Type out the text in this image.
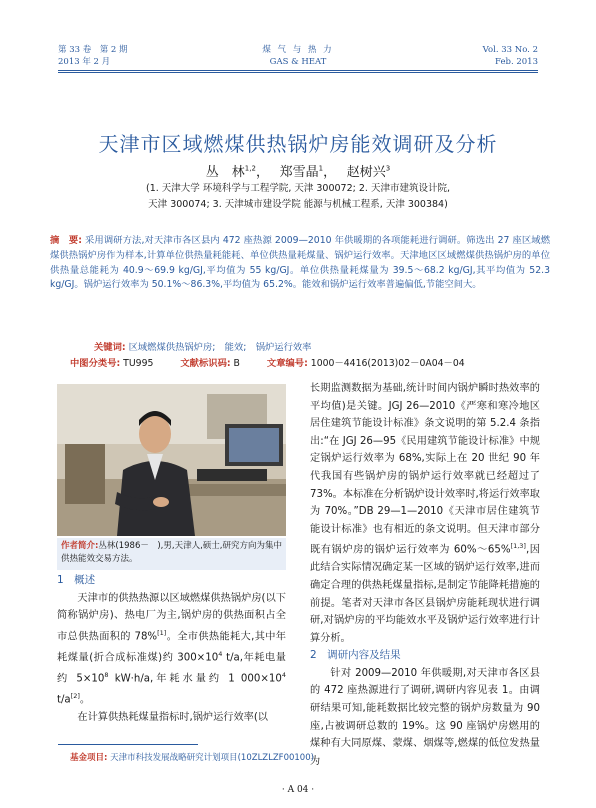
第 33 卷　第 2 期
2013 年 2 月
煤 气 与 热 力
GAS & HEAT
Vol. 33 No. 2
Feb. 2013
天津市区域燃煤供热锅炉房能效调研及分析
丛　林$^{1,2}$，　 郑雪晶$^1$，　 赵树兴$^3$
(1. 天津大学 环境科学与工程学院, 天津 300072; 2. 天津市建筑设计院,
天津 300074; 3. 天津城市建设学院 能源与机械工程系, 天津 300384)
摘　要: 采用调研方法,对天津市各区县内 472 座热源 2009—2010 年供暖期的各项能耗进行调研。筛选出 27 座区域燃煤供热锅炉房作为样本,计算单位供热量耗能耗、单位供热量耗煤量、锅炉运行效率。天津地区区域燃煤供热锅炉房的单位供热量总能耗为 40.9～69.9 kg/GJ,平均值为 55 kg/GJ。单位供热量耗煤量为 39.5～68.2 kg/GJ,其平均值为 52.3 kg/GJ。锅炉运行效率为 50.1%～86.3%,平均值为 65.2%。能效和锅炉运行效率普遍偏低,节能空间大。
关键词: 区域燃煤供热锅炉房;　能效;　锅炉运行效率
中图分类号: TU995	文献标识码: B	文章编号: 1000－4416(2013)02－0A04－04
作者简介:丛林(1986－　),男,天津人,硕士,研究方向为集中供热能效交易方法。

1　概述

天津市的供热热源以区域燃煤供热锅炉房(以下简称锅炉房)、热电厂为主,锅炉房的供热面积占全市总供热面积的 78%[1]。全市供热能耗大,其中年耗煤量(折合成标准煤)约 $300\times 10^4$ t/a,年耗电量约 $5\times 10^8$ kW·h/a,年耗水量约 1 $000\times 10^4$ t/a[2]。

在计算供热耗煤量指标时,锅炉运行效率(以

长期监测数据为基础,统计时间内锅炉瞬时热效率的平均值)是关键。JGJ 26—2010《严寒和寒冷地区居住建筑节能设计标准》条文说明的第 5.2.4 条指出:“在 JGJ 26—95《民用建筑节能设计标准》中规定锅炉运行效率为 68%,实际上在 20 世纪 90 年代我国有些锅炉房的锅炉运行效率就已经超过了 73%。本标准在分析锅炉设计效率时,将运行效率取为 70%。”DB 29—1—2010《天津市居住建筑节能设计标准》也有相近的条文说明。但天津市部分既有锅炉房的锅炉运行效率为 60%～65%[1,3],因此结合实际情况确定某一区域的锅炉运行效率,进而确定合理的供热耗煤量指标,是制定节能降耗措施的前提。笔者对天津市各区县锅炉房能耗现状进行调研,对锅炉房的平均能效水平及锅炉运行效率进行计算分析。

2　调研内容及结果

针对 2009—2010 年供暖期,对天津市各区县的 472 座热源进行了调研,调研内容见表 1。由调研结果可知,能耗数据比较完整的锅炉房数量为 90 座,占被调研总数的 19%。这 90 座锅炉房燃用的煤种有大同原煤、蒙煤、烟煤等,燃煤的低位发热量为

基金项目: 天津市科技发展战略研究计划项目(10ZLZLZF00100)
· A 04 ·
